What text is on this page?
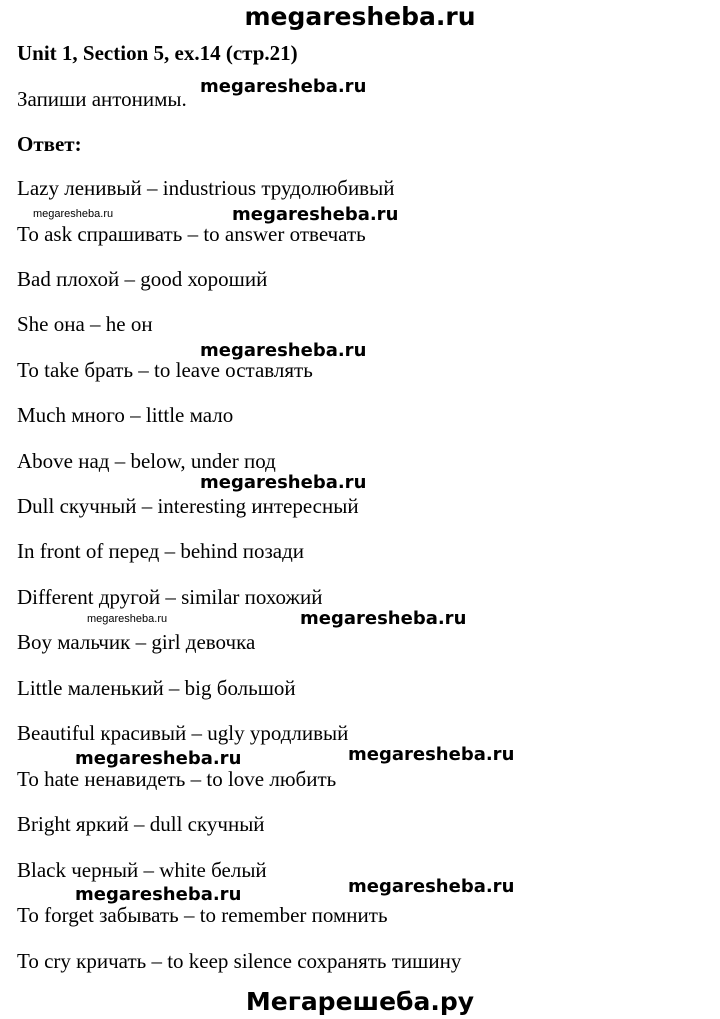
megaresheba.ru
Unit 1, Section 5, ex.14 (стр.21)
Запиши антонимы.
Ответ:
Lazy ленивый – industrious трудолюбивый
To ask спрашивать – to answer отвечать
Bad плохой – good хороший
She она – he он
To take брать – to leave оставлять
Much много – little мало
Above над – below, under под
Dull скучный – interesting интересный
In front of перед – behind позади
Different другой – similar похожий
Boy мальчик – girl девочка
Little маленький – big большой
Beautiful красивый – ugly уродливый
To hate ненавидеть – to love любить
Bright яркий – dull скучный
Black черный – white белый
To forget забывать – to remember помнить
To cry кричать – to keep silence сохранять тишину
megaresheba.ru
megaresheba.ru
megaresheba.ru
megaresheba.ru
megaresheba.ru
megaresheba.ru	megaresheba.ru
megaresheba.ru	megaresheba.ru
megaresheba.ru
megaresheba.ru
Мегарешеба.ру
